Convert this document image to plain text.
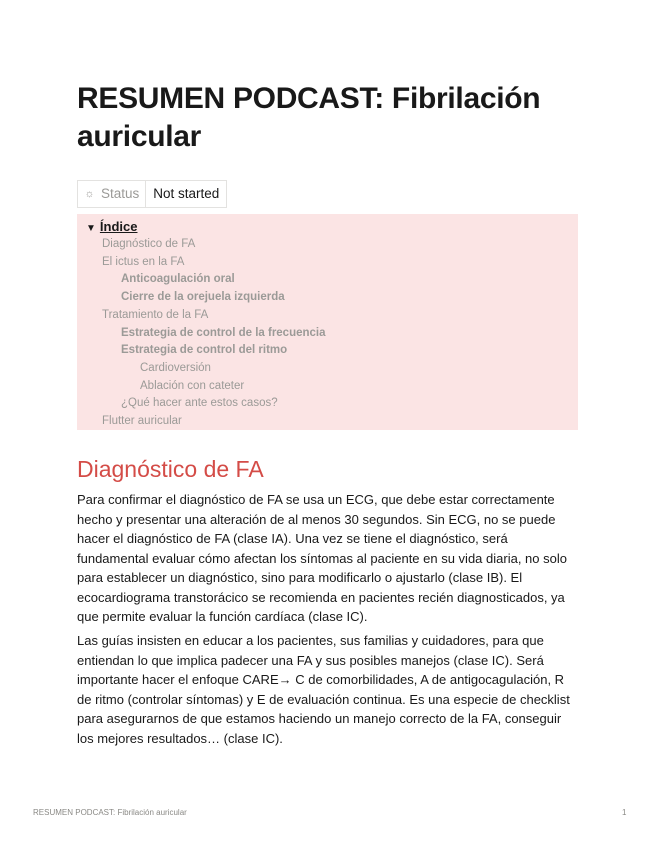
RESUMEN PODCAST: Fibrilación auricular
☼ Status	Not started
▼ Índice
Diagnóstico de FA
El ictus en la FA
Anticoagulación oral
Cierre de la orejuela izquierda
Tratamiento de la FA
Estrategia de control de la frecuencia
Estrategia de control del ritmo
Cardioversión
Ablación con cateter
¿Qué hacer ante estos casos?
Flutter auricular
Diagnóstico de FA

Para confirmar el diagnóstico de FA se usa un ECG, que debe estar correctamente hecho y presentar una alteración de al menos 30 segundos. Sin ECG, no se puede hacer el diagnóstico de FA (clase IA). Una vez se tiene el diagnóstico, será fundamental evaluar cómo afectan los síntomas al paciente en su vida diaria, no solo para establecer un diagnóstico, sino para modificarlo o ajustarlo (clase IB). El ecocardiograma transtorácico se recomienda en pacientes recién diagnosticados, ya que permite evaluar la función cardíaca (clase IC).

Las guías insisten en educar a los pacientes, sus familias y cuidadores, para que entiendan lo que implica padecer una FA y sus posibles manejos (clase IC). Será importante hacer el enfoque CARE→ C de comorbilidades, A de antigocagulación, R de ritmo (controlar síntomas) y E de evaluación continua. Es una especie de checklist para asegurarnos de que estamos haciendo un manejo correcto de la FA, conseguir los mejores resultados… (clase IC).

RESUMEN PODCAST: Fibrilación auricular	1
